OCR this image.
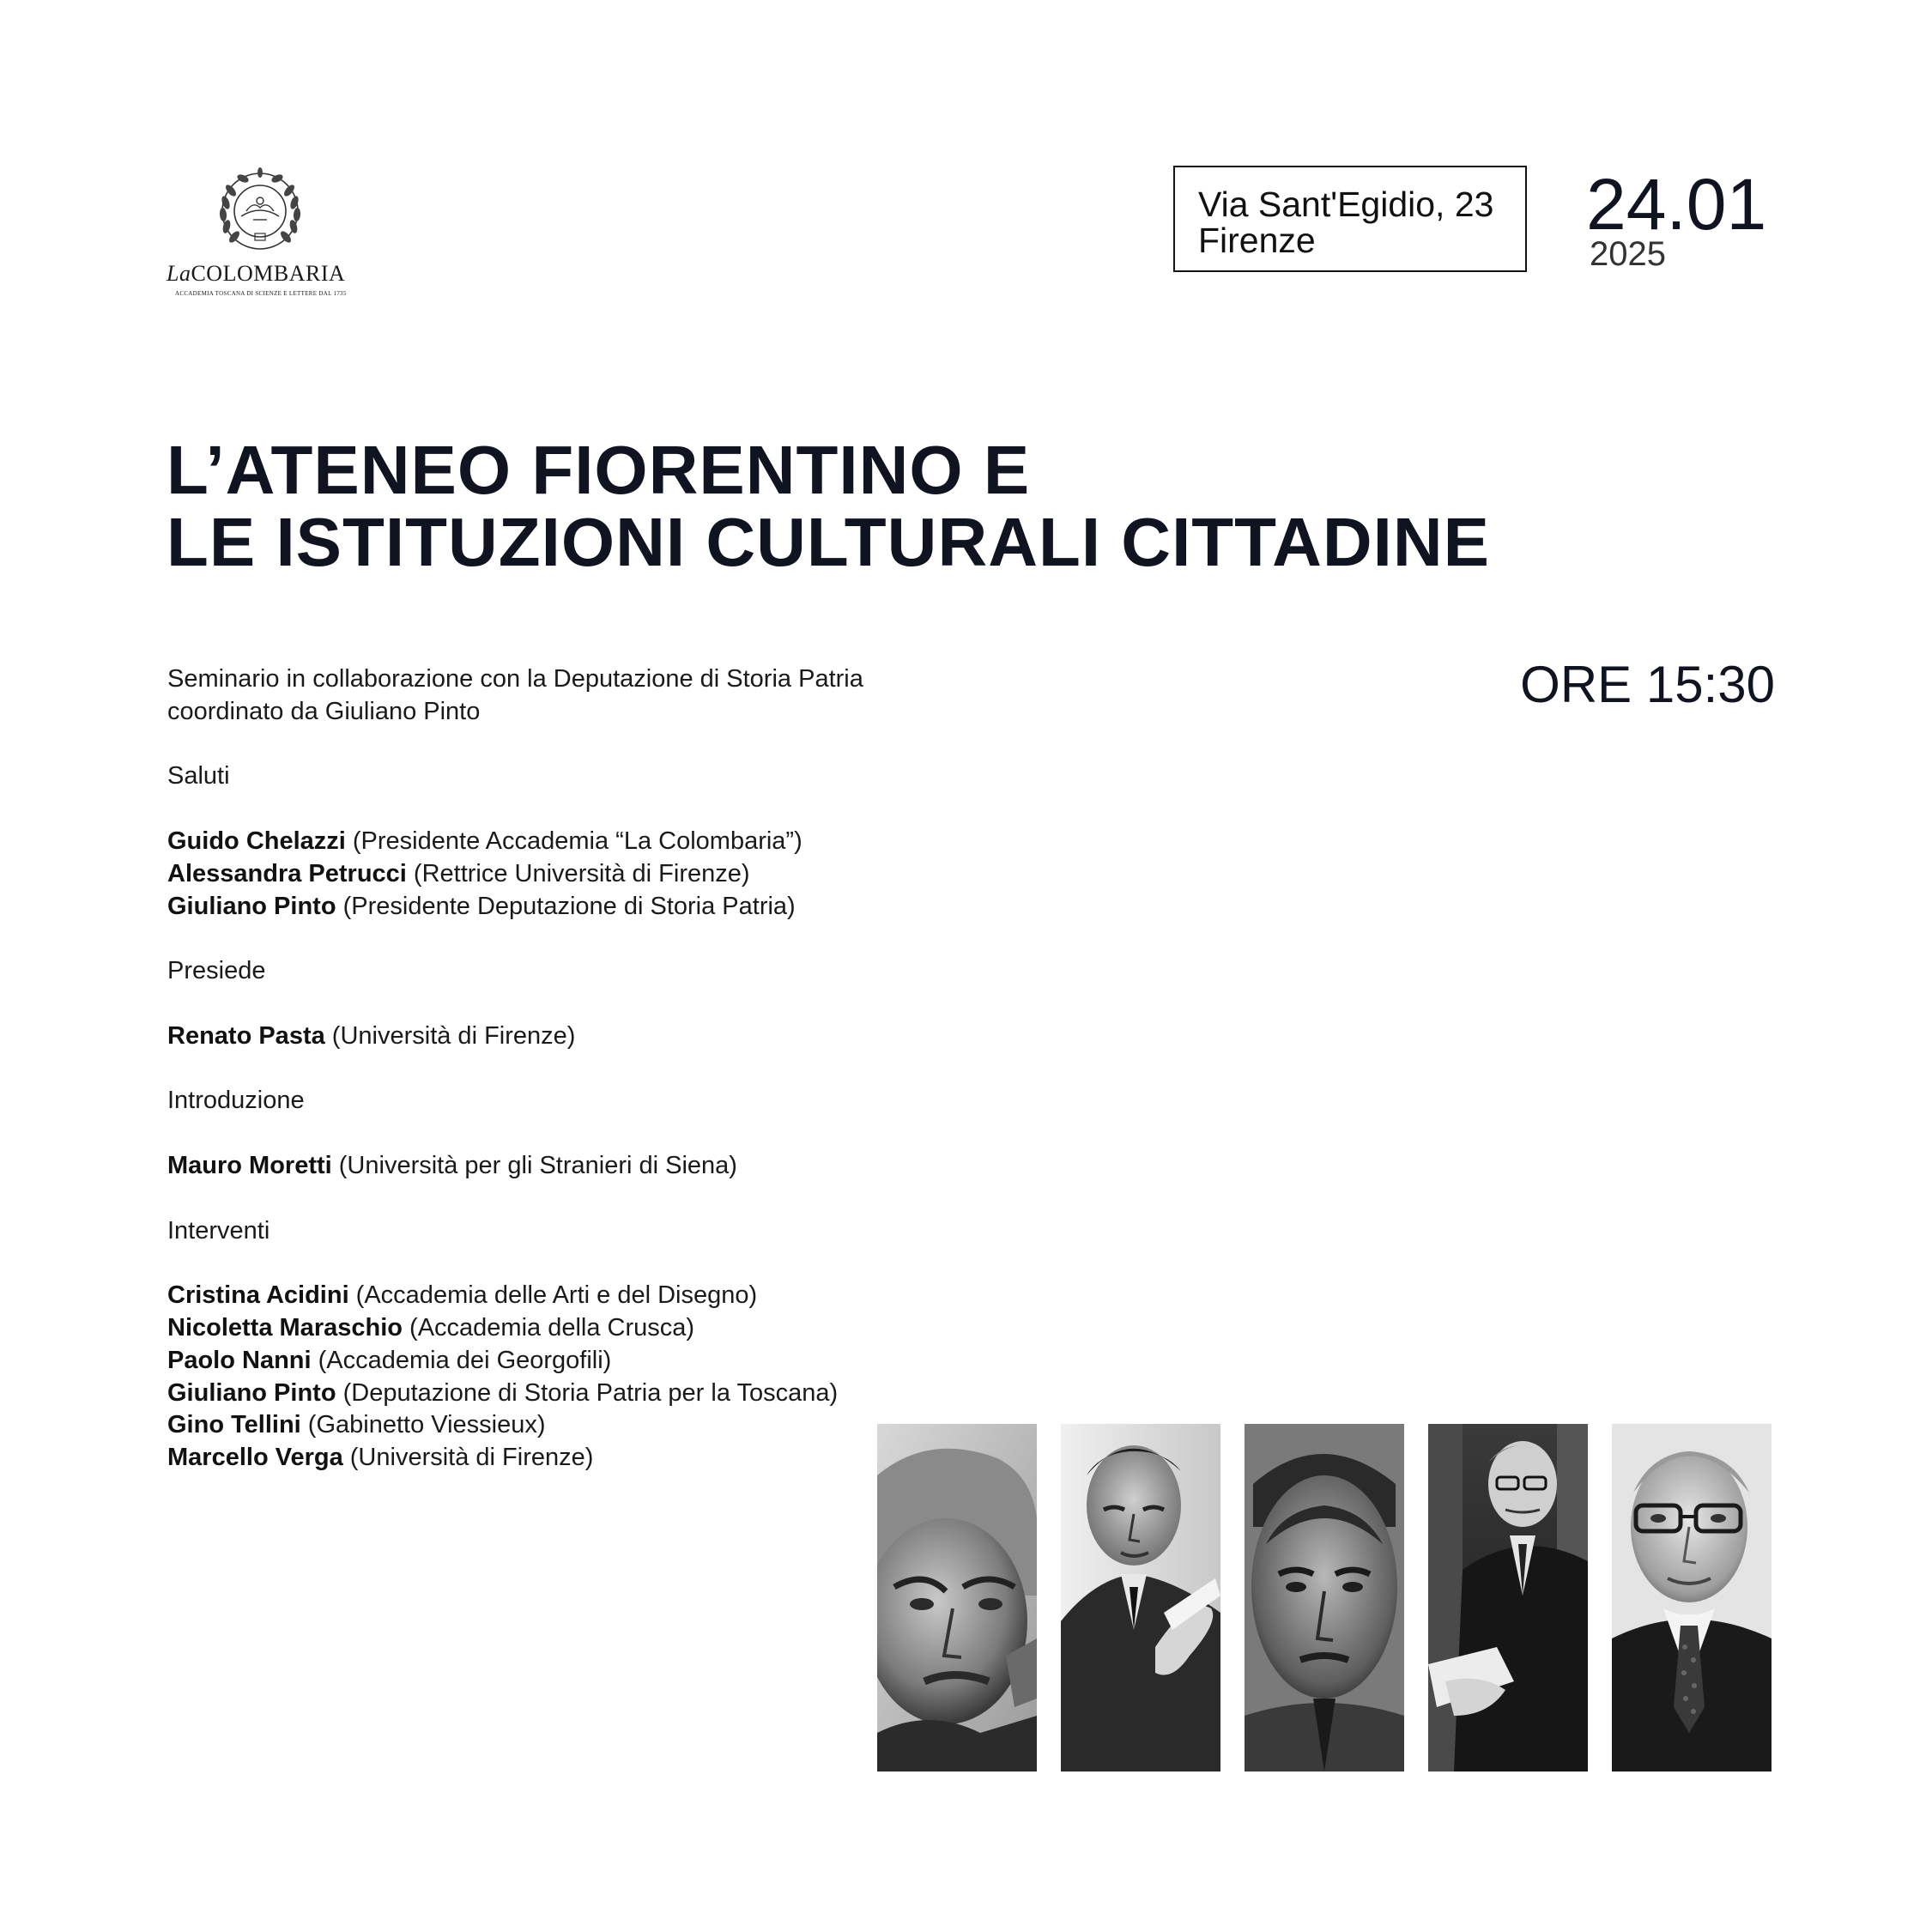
LaCOLOMBARIA
ACCADEMIA TOSCANA DI SCIENZE E LETTERE DAL 1735
Via Sant'Egidio, 23
Firenze	24.01
2025
L’ATENEO FIORENTINO E
LE ISTITUZIONI CULTURALI CITTADINE
ORE 15:30
Seminario in collaborazione con la Deputazione di Storia Patria
coordinato da Giuliano Pinto
Saluti
Guido Chelazzi (Presidente Accademia “La Colombaria”)
Alessandra Petrucci (Rettrice Università di Firenze)
Giuliano Pinto (Presidente Deputazione di Storia Patria)
Presiede
Renato Pasta (Università di Firenze)
Introduzione
Mauro Moretti (Università per gli Stranieri di Siena)
Interventi
Cristina Acidini (Accademia delle Arti e del Disegno)
Nicoletta Maraschio (Accademia della Crusca)
Paolo Nanni (Accademia dei Georgofili)
Giuliano Pinto (Deputazione di Storia Patria per la Toscana)
Gino Tellini (Gabinetto Viessieux)
Marcello Verga (Università di Firenze)
